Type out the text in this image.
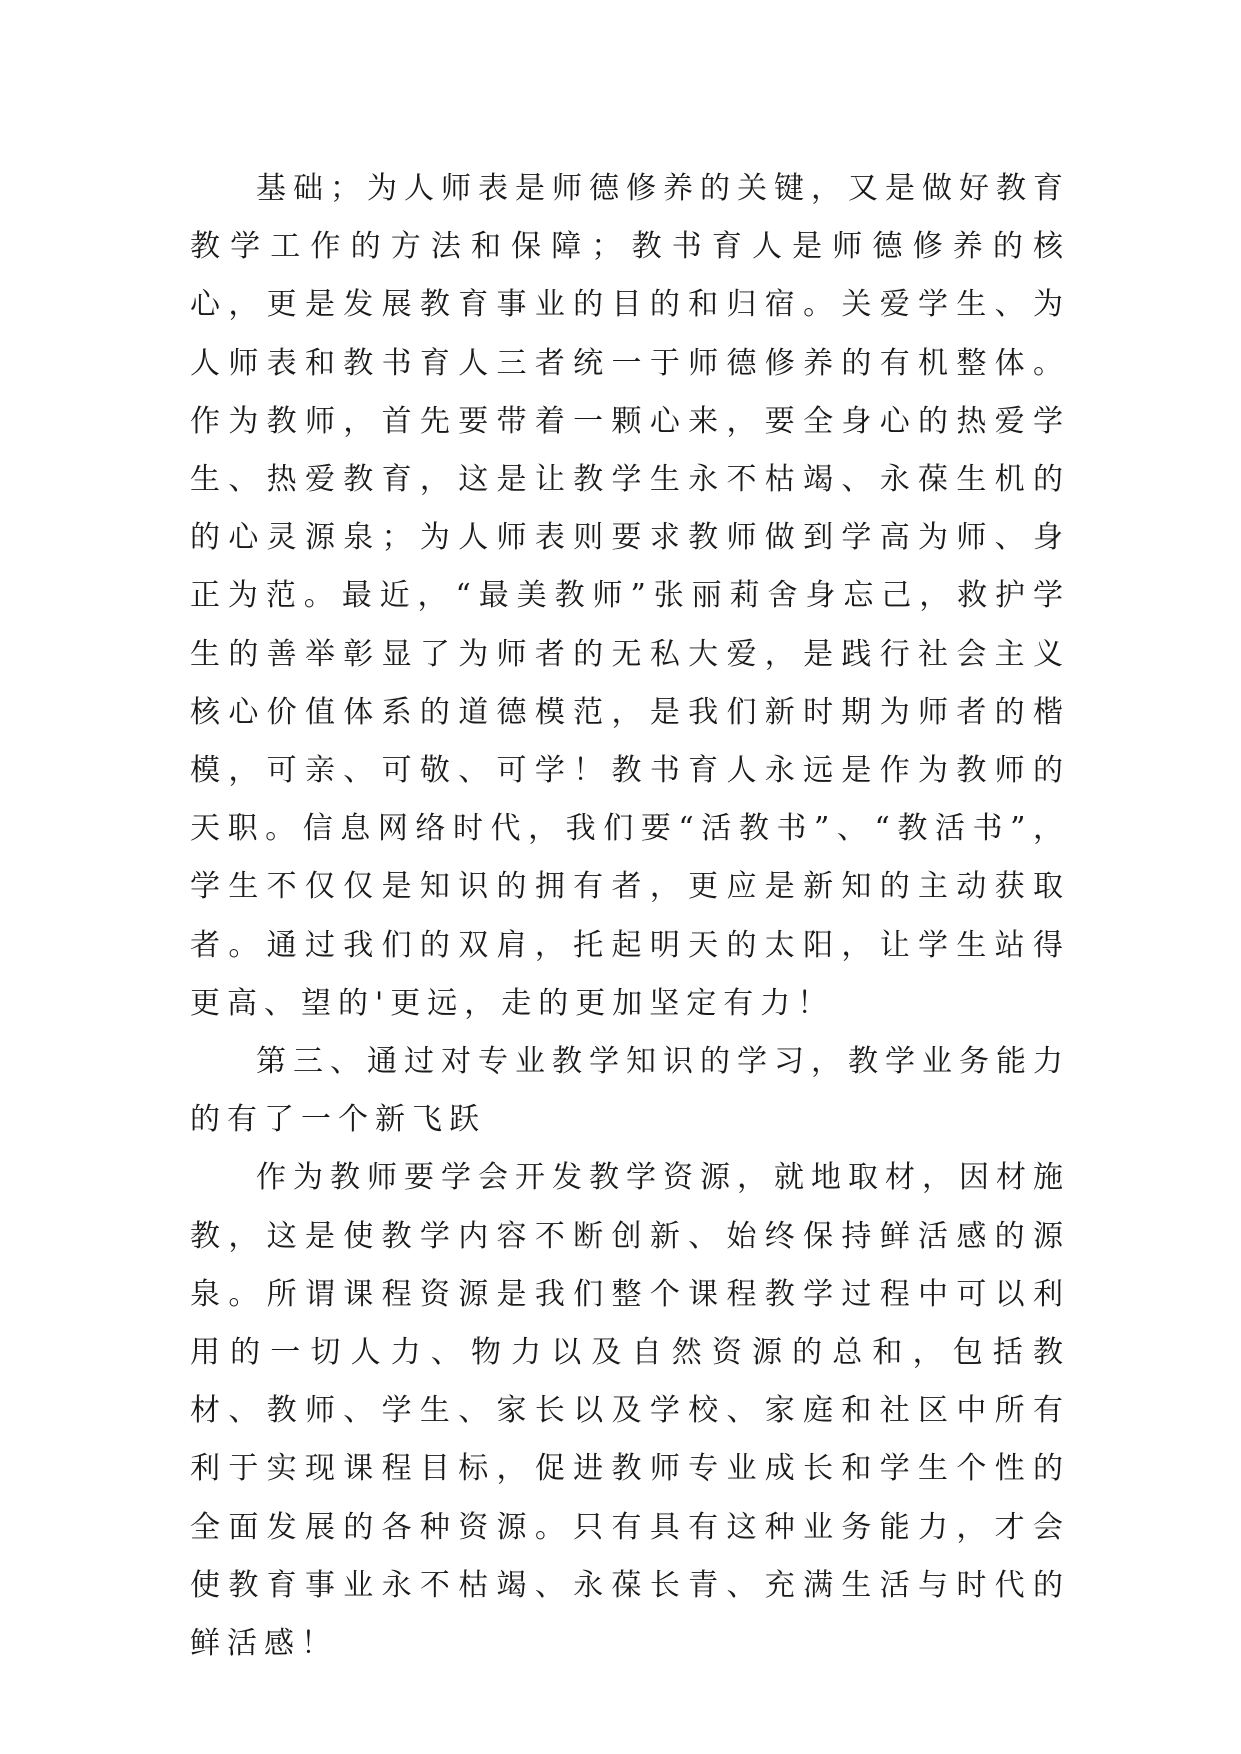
基础；为人师表是师德修养的关键，又是做好教育教学工作的方法和保障；教书育人是师德修养的核心，更是发展教育事业的目的和归宿。关爱学生、为人师表和教书育人三者统一于师德修养的有机整体。作为教师，首先要带着一颗心来，要全身心的热爱学生、热爱教育，这是让教学生永不枯竭、永葆生机的的心灵源泉；为人师表则要求教师做到学高为师、身正为范。最近，“最美教师”张丽莉舍身忘己，救护学生的善举彰显了为师者的无私大爱，是践行社会主义核心价值体系的道德模范，是我们新时期为师者的楷模，可亲、可敬、可学！教书育人永远是作为教师的天职。信息网络时代，我们要“活教书”、“教活书”，学生不仅仅是知识的拥有者，更应是新知的主动获取者。通过我们的双肩，托起明天的太阳，让学生站得更高、望的'更远，走的更加坚定有力！

第三、通过对专业教学知识的学习，教学业务能力的有了一个新飞跃

作为教师要学会开发教学资源，就地取材，因材施教，这是使教学内容不断创新、始终保持鲜活感的源泉。所谓课程资源是我们整个课程教学过程中可以利用的一切人力、物力以及自然资源的总和，包括教材、教师、学生、家长以及学校、家庭和社区中所有利于实现课程目标，促进教师专业成长和学生个性的全面发展的各种资源。只有具有这种业务能力，才会使教育事业永不枯竭、永葆长青、充满生活与时代的鲜活感！
